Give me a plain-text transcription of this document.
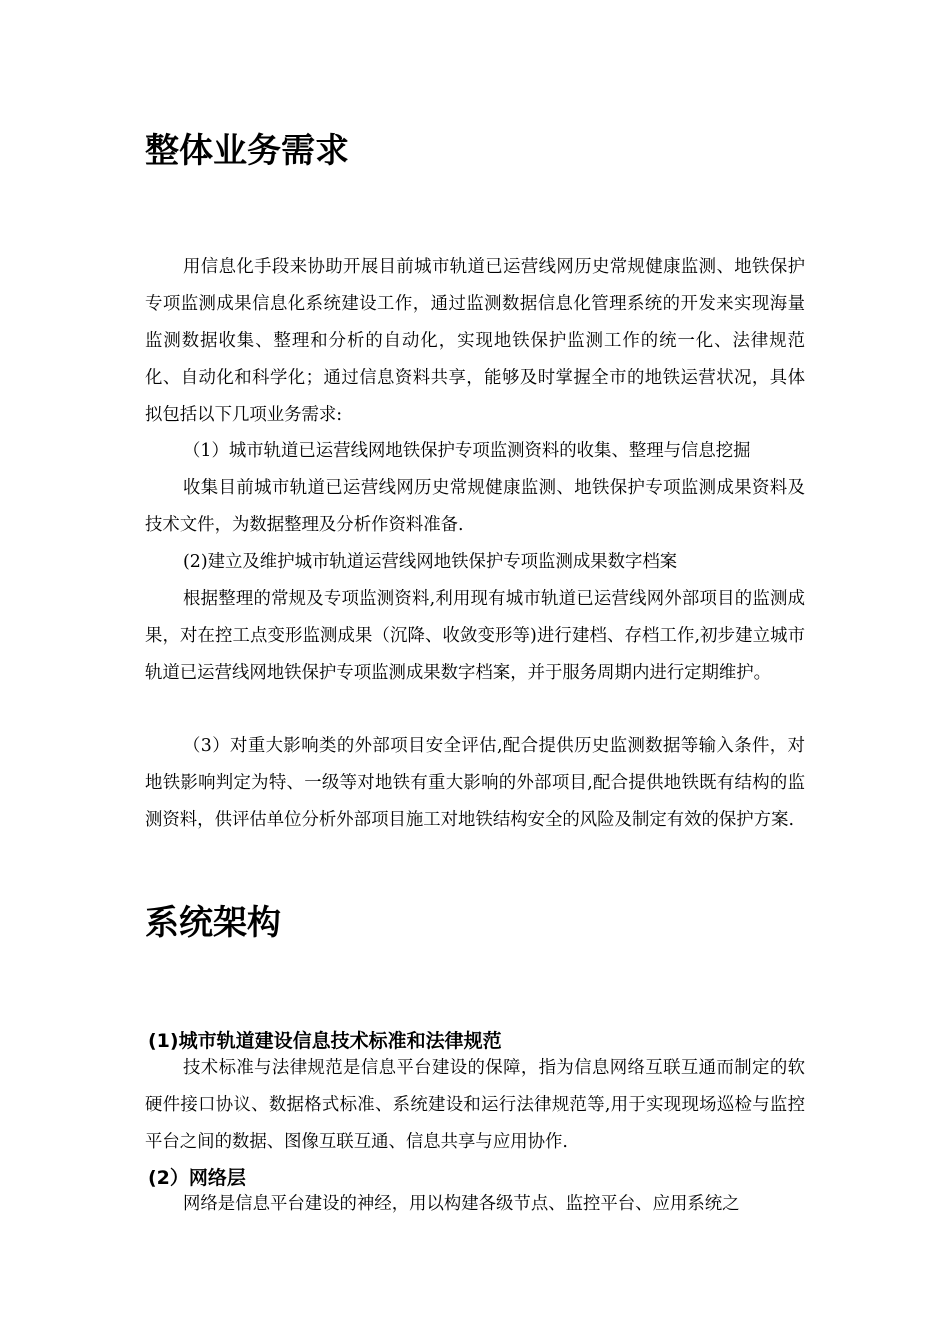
整体业务需求

用信息化手段来协助开展目前城市轨道已运营线网历史常规健康监测、地铁保护专项监测成果信息化系统建设工作，通过监测数据信息化管理系统的开发来实现海量监测数据收集、整理和分析的自动化，实现地铁保护监测工作的统一化、法律规范化、自动化和科学化；通过信息资料共享，能够及时掌握全市的地铁运营状况，具体拟包括以下几项业务需求:

（1）城市轨道已运营线网地铁保护专项监测资料的收集、整理与信息挖掘

收集目前城市轨道已运营线网历史常规健康监测、地铁保护专项监测成果资料及技术文件，为数据整理及分析作资料准备.

(2)建立及维护城市轨道运营线网地铁保护专项监测成果数字档案

根据整理的常规及专项监测资料,利用现有城市轨道已运营线网外部项目的监测成果，对在控工点变形监测成果（沉降、收敛变形等)进行建档、存档工作,初步建立城市轨道已运营线网地铁保护专项监测成果数字档案，并于服务周期内进行定期维护。

（3）对重大影响类的外部项目安全评估,配合提供历史监测数据等输入条件，对地铁影响判定为特、一级等对地铁有重大影响的外部项目,配合提供地铁既有结构的监测资料，供评估单位分析外部项目施工对地铁结构安全的风险及制定有效的保护方案.

系统架构
(1)城市轨道建设信息技术标准和法律规范

技术标准与法律规范是信息平台建设的保障，指为信息网络互联互通而制定的软硬件接口协议、数据格式标准、系统建设和运行法律规范等,用于实现现场巡检与监控平台之间的数据、图像互联互通、信息共享与应用协作.

(2）网络层

网络是信息平台建设的神经，用以构建各级节点、监控平台、应用系统之
